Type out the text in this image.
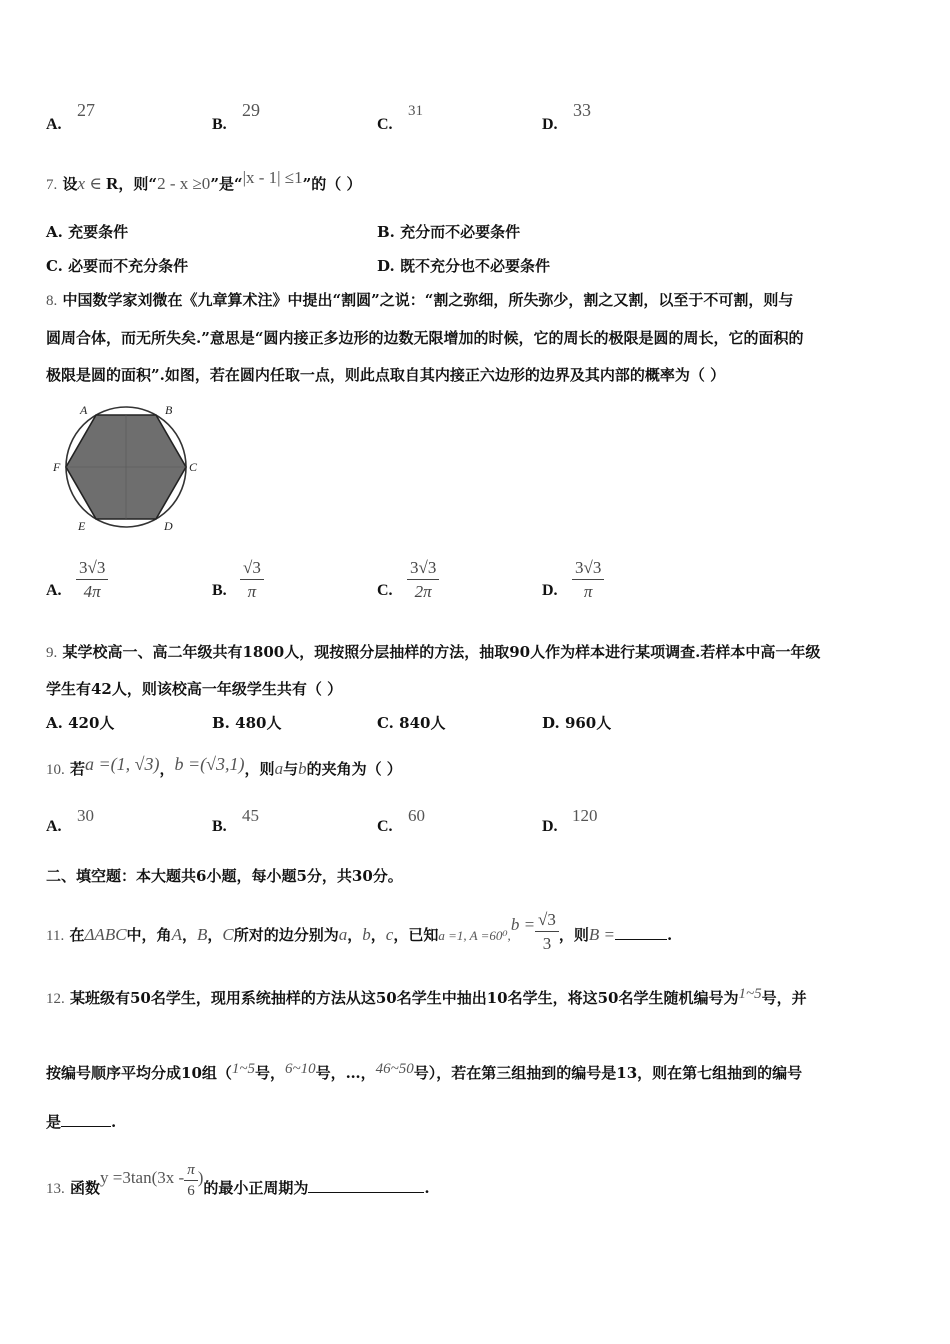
A.
27
B.
29
C.
31
D.
33
7. 设x ∈ R，则“2 - x ≥0”是“|x - 1| ≤1”的（ ）
A. 充要条件	B. 充分而不必要条件
C. 必要而不充分条件	D. 既不充分也不必要条件
8. 中国数学家刘微在《九章算术注》中提出“割圆”之说：“割之弥细，所失弥少，割之又割，以至于不可割，则与
圆周合体，而无所失矣.”意思是“圆内接正多边形的边数无限增加的时候，它的周长的极限是圆的周长，它的面积的
极限是圆的面积”.如图，若在圆内任取一点，则此点取自其内接正六边形的边界及其内部的概率为（ ）
A	B
C
D
E
F
A. $\frac{3√3}{4\pi}$	B. $\frac{√3}{\pi}$	C. $\frac{3√3}{2\pi}$	D. $\frac{3√3}{\pi}$
9. 某学校高一、高二年级共有1800人，现按照分层抽样的方法，抽取90人作为样本进行某项调查.若样本中高一年级
学生有42人，则该校高一年级学生共有（ ）
A. 420人	B. 480人	C. 840人	D. 960人
10. 若a =(1, √3)，b =(√3,1)，则a与b的夹角为（ ）
A.
30
B.
45
C.
60
D.
120
二、填空题：本大题共6小题，每小题5分，共30分。
11. 在ΔABC中，角A，B，C所对的边分别为a，b，c，已知a =1, $A =60^0,b = \frac{√3}{3}$ ，则B =	.
12. 某班级有50名学生，现用系统抽样的方法从这50名学生中抽出10名学生，将这50名学生随机编号为1~5号，并
按编号顺序平均分成10组（1~5号，6~10号，…，46~50号），若在第三组抽到的编号是13，则在第七组抽到的编号
是	.
13. 函数$y =3\tan(3x - \frac{\pi}{6}$ )的最小正周期为	.
